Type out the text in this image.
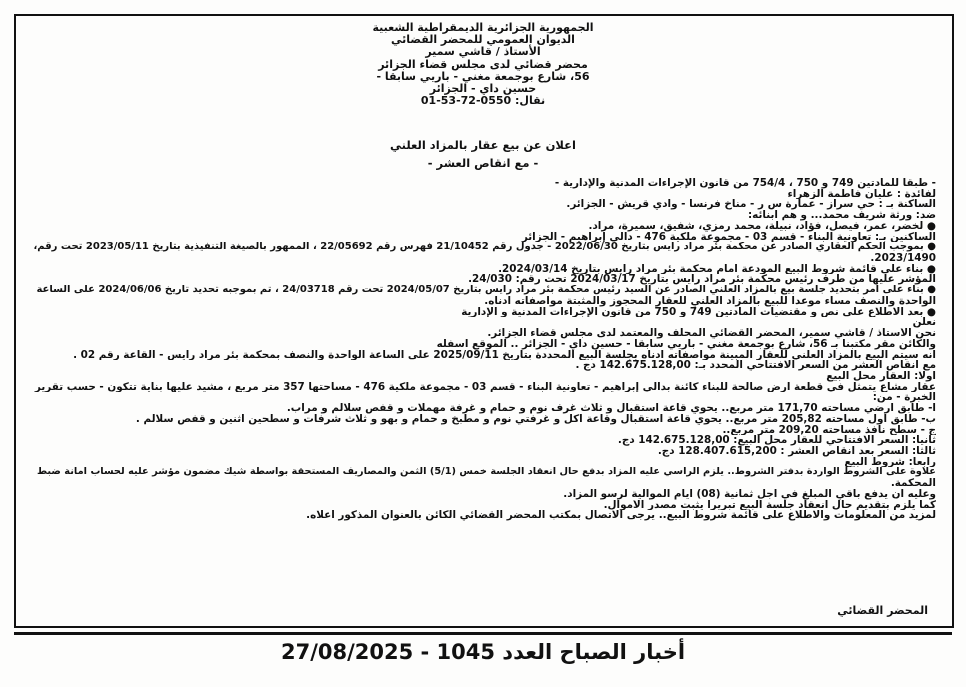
الجمهورية الجزائرية الديمقراطية الشعبية
الديوان العمومي للمحضر القضائي
الأستاذ / قاشي سمير
محضر قضائي لدى مجلس قضاء الجزائر
56، شارع بوجمعة مغني - باريي سابقا -
حسين داي - الجزائر
نقال: 0550-72-53-01
اعلان عن بيع عقار بالمزاد العلني
- مع انقاص العشر -

- طبقا للمادتين 749 و 750 ، 754/4 من قانون الإجراءات المدنية والإدارية -

لفائدة : عليان فاطمة الزهراء

الساكنة بـ : حي سراز - عمارة س ر - مناخ فرنسا - وادي قريش - الجزائر.

ضد: ورثة شريف محمد... و هم أبنائه:

● لخضر، عمر، فيصل، فؤاد، نبيلة، محمد رمزي، شفيق، سميرة، مراد.

الساكنين بـ: تعاونية البناء - قسم 03 - مجموعة ملكية 476 - دالي إبراهيم - الجزائر

● بموجب الحكم العقاري الصادر عن محكمة بئر مراد رايس بتاريخ 2022/06/30 - جدول رقم 21/10452 فهرس رقم 22/05692 ، الممهور بالصيغة التنفيذية بتاريخ 2023/05/11 تحت رقم،

2023/1490.

● بناء على قائمة شروط البيع المودعة أمام محكمة بئر مراد رايس بتاريخ 2024/03/14.

المؤشر عليها من طرف رئيس محكمة بئر مراد رايس بتاريخ 2024/03/17 تحت رقم: 24/030.

● بناء على أمر بتحديد جلسة بيع بالمزاد العلني الصادر عن السيد رئيس محكمة بئر مراد رايس بتاريخ 2024/05/07 تحت رقم 24/03718 ، تم بموجبه تحديد تاريخ 2024/06/06 على الساعة

الواحدة والنصف مساء موعدا للبيع بالمزاد العلني للعقار المحجوز والمثبتة مواصفاته أدناه.

● بعد الاطلاع على نص و مقتضيات المادتين 749 و 750 من قانون الإجراءات المدنية و الإدارية

نعلن

نحن الأستاذ / قاشي سمير، المحضر القضائي المحلف والمعتمد لدى مجلس قضاء الجزائر.

والكائن مقر مكتبنا بـ 56، شارع بوجمعة مغني - باريي سابقا - حسين داي - الجزائر .. الموقع أسفله

أنه سيتم البيع بالمزاد العلني للعقار المبينة مواصفاته أدناه بجلسة البيع المحددة بتاريخ 2025/09/11 على الساعة الواحدة والنصف بمحكمة بئر مراد رايس - القاعة رقم 02 .

مع انقاص العشر من السعر الافتتاحي المحدد بـ: 142.675.128,00 دج .

أولا: العقار محل البيع

عقار مشاع يتمثل في قطعة أرض صالحة للبناء كائنة بدالي إبراهيم - تعاونية البناء - قسم 03 - مجموعة ملكية 476 - مساحتها 357 متر مربع ، مشيد عليها بناية تتكون - حسب تقرير

الخبرة - من:

أ- طابق أرضي مساحته 171,70 متر مربع.. يحوي قاعة استقبال و ثلاث غرف نوم و حمام و غرفة مهملات و قفص سلالم و مرآب.

ب- طابق أول مساحته 205,82 متر مربع.. يحوي قاعة استقبال وقاعة أكل و غرفتي نوم و مطبخ و حمام و بهو و ثلاث شرفات و سطحين اثنين و قفص سلالم .

ج - سطح نافذ مساحته 209,20 متر مربع..

ثانيا: السعر الافتتاحي للعقار محل البيع: 142.675.128,00 دج.

ثالثا: السعر بعد انقاص العشر : 128.407.615,200 دج.

رابعا: شروط البيع

علاوة على الشروط الواردة بدفتر الشروط.. يلزم الراسي عليه المزاد بدفع حال انعقاد الجلسة خمس (5/1) الثمن والمصاريف المستحقة بواسطة شيك مضمون مؤشر عليه لحساب أمانة ضبط

المحكمة.

وعليه أن يدفع باقي المبلغ في أجل ثمانية (08) أيام الموالية لرسو المزاد.

كما يلزم بتقديم حال انعقاد جلسة البيع تبريرا يثبت مصدر الأموال.

لمزيد من المعلومات والاطلاع على قائمة شروط البيع.. يرجى الاتصال بمكتب المحضر القضائي الكائن بالعنوان المذكور اعلاه.

المحضر القضائي
أخبار الصباح العدد 1045 - 27/08/2025
